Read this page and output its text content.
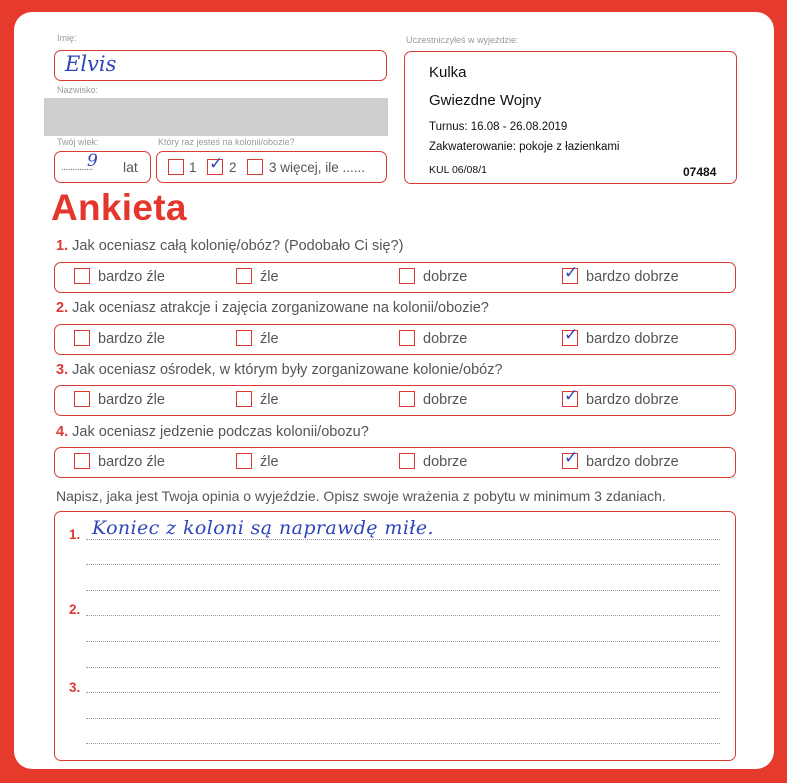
Imię:
Elvis
Nazwisko:
Twój wiek:
..............
9 lat
Który raz jesteś na kolonii/obozie?
1 ✓ 2 3 więcej, ile ......
Uczestniczyłeś w wyjeździe:
Kulka
Gwiezdne Wojny
Turnus: 16.08 - 26.08.2019
Zakwaterowanie: pokoje z łazienkami
KUL 06/08/1	07484
Ankieta
1. Jak oceniasz całą kolonię/obóz? (Podobało Ci się?)
bardzo źle	źle	dobrze	✓ bardzo dobrze
2. Jak oceniasz atrakcje i zajęcia zorganizowane na kolonii/obozie?
bardzo źle	źle	dobrze	✓ bardzo dobrze
3. Jak oceniasz ośrodek, w którym były zorganizowane kolonie/obóz?
bardzo źle	źle	dobrze	✓ bardzo dobrze
4. Jak oceniasz jedzenie podczas kolonii/obozu?
bardzo źle	źle	dobrze	✓ bardzo dobrze
Napisz, jaka jest Twoja opinia o wyjeździe. Opisz swoje wrażenia z pobytu w minimum 3 zdaniach.
1. Koniec z koloni są naprawdę miłe.
2.
3.
